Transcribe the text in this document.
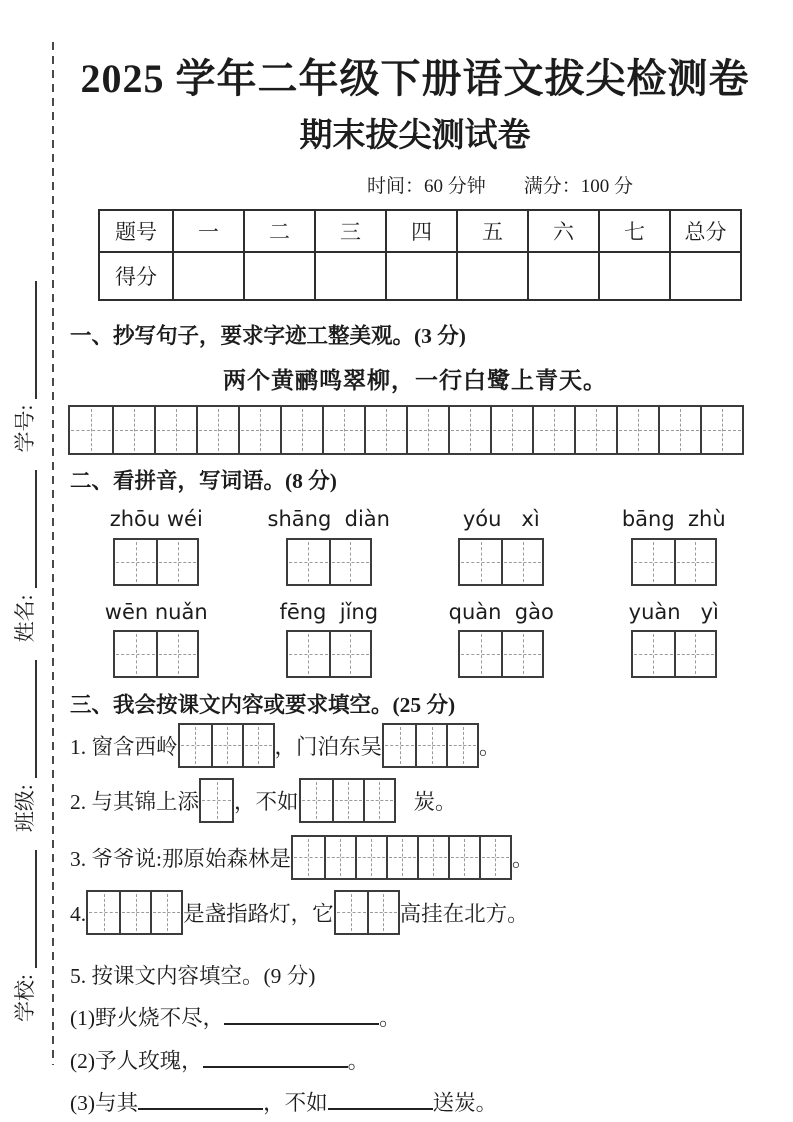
学校:
班级:
姓名:
学号:
2025 学年二年级下册语文拔尖检测卷
期末拔尖测试卷
时间：60 分钟 满分：100 分
题号	一	二	三	四	五	六	七	总分
得分								
一、抄写句子，要求字迹工整美观。(3 分)
两个黄鹂鸣翠柳，一行白鹭上青天。
二、看拼音，写词语。(8 分)
zhōu wéi	shāng  diàn	yóu   xì	bāng  zhù
wēn nuǎn	fēng  jǐng	quàn  gào	yuàn   yì
三、我会按课文内容或要求填空。(25 分)
1. 窗含西岭	，门泊东吴	。
2. 与其锦上添 ，不如	炭。
3. 爷爷说:那原始森林是	。
4.	是盏指路灯，它	高挂在北方。
5. 按课文内容填空。(9 分)
(1)野火烧不尽，	。
(2)予人玫瑰，	。
(3)与其	，不如	送炭。
